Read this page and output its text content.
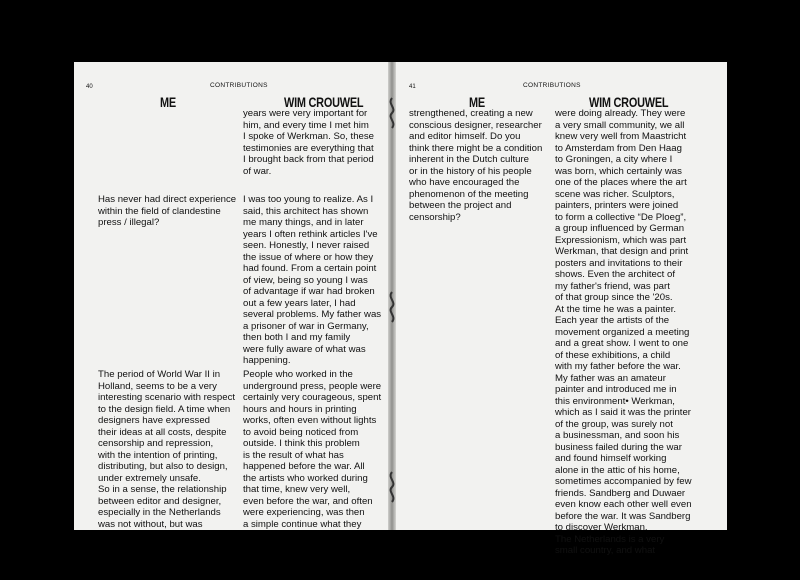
40	CONTRIBUTIONS
ME	WIM CROUWEL
Has never had direct experience
within the field of clandestine
press / illegal?
The period of World War II in
Holland, seems to be a very
interesting scenario with respect
to the design field. A time when
designers have expressed
their ideas at all costs, despite
censorship and repression,
with the intention of printing,
distributing, but also to design,
under extremely unsafe.
So in a sense, the relationship
between editor and designer,
especially in the Netherlands
was not without, but was
years were very important for
him, and every time I met him
I spoke of Werkman. So, these
testimonies are everything that
I brought back from that period
of war.
I was too young to realize. As I
said, this architect has shown
me many things, and in later
years I often rethink articles I've
seen. Honestly, I never raised
the issue of where or how they
had found. From a certain point
of view, being so young I was
of advantage if war had broken
out a few years later, I had
several problems. My father was
a prisoner of war in Germany,
then both I and my family
were fully aware of what was
happening.
People who worked in the
underground press, people were
certainly very courageous, spent
hours and hours in printing
works, often even without lights
to avoid being noticed from
outside. I think this problem
is the result of what has
happened before the war. All
the artists who worked during
that time, knew very well,
even before the war, and often
were experiencing, was then
a simple continue what they
41	CONTRIBUTIONS
ME	WIM CROUWEL
strengthened, creating a new
conscious designer, researcher
and editor himself. Do you
think there might be a condition
inherent in the Dutch culture
or in the history of his people
who have encouraged the
phenomenon of the meeting
between the project and
censorship?
were doing already. They were
a very small community, we all
knew very well from Maastricht
to Amsterdam from Den Haag
to Groningen, a city where I
was born, which certainly was
one of the places where the art
scene was richer. Sculptors,
painters, printers were joined
to form a collective “De Ploeg”,
a group influenced by German
Expressionism, which was part
Werkman, that design and print
posters and invitations to their
shows. Even the architect of
my father's friend, was part
of that group since the '20s.
At the time he was a painter.
Each year the artists of the
movement organized a meeting
and a great show. I went to one
of these exhibitions, a child
with my father before the war.
My father was an amateur
painter and introduced me in
this environment• Werkman,
which as I said it was the printer
of the group, was surely not
a businessman, and soon his
business failed during the war
and found himself working
alone in the attic of his home,
sometimes accompanied by few
friends. Sandberg and Duwaer
even know each other well even
before the war. It was Sandberg
to discover Werkman.
The Netherlands is a very
small country, and what
